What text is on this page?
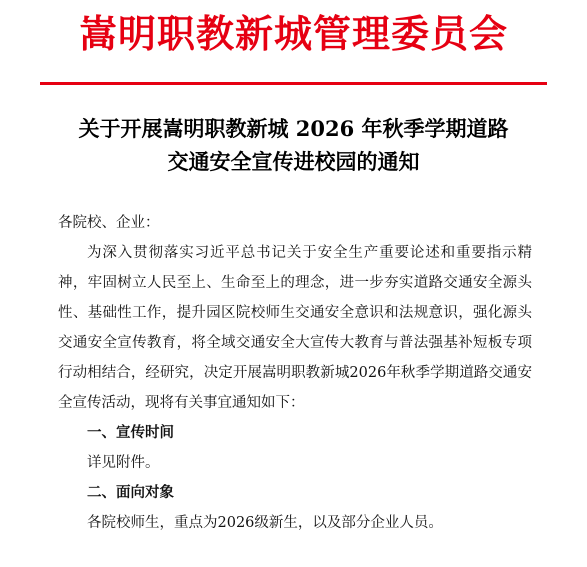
嵩明职教新城管理委员会
关于开展嵩明职教新城 2026 年秋季学期道路
交通安全宣传进校园的通知

各院校、企业：

为深入贯彻落实习近平总书记关于安全生产重要论述和重要指示精神，牢固树立人民至上、生命至上的理念，进一步夯实道路交通安全源头性、基础性工作，提升园区院校师生交通安全意识和法规意识，强化源头交通安全宣传教育，将全域交通安全大宣传大教育与普法强基补短板专项行动相结合，经研究，决定开展嵩明职教新城2026年秋季学期道路交通安全宣传活动，现将有关事宜通知如下：

一、宣传时间

详见附件。

二、面向对象

各院校师生，重点为2026级新生，以及部分企业人员。
